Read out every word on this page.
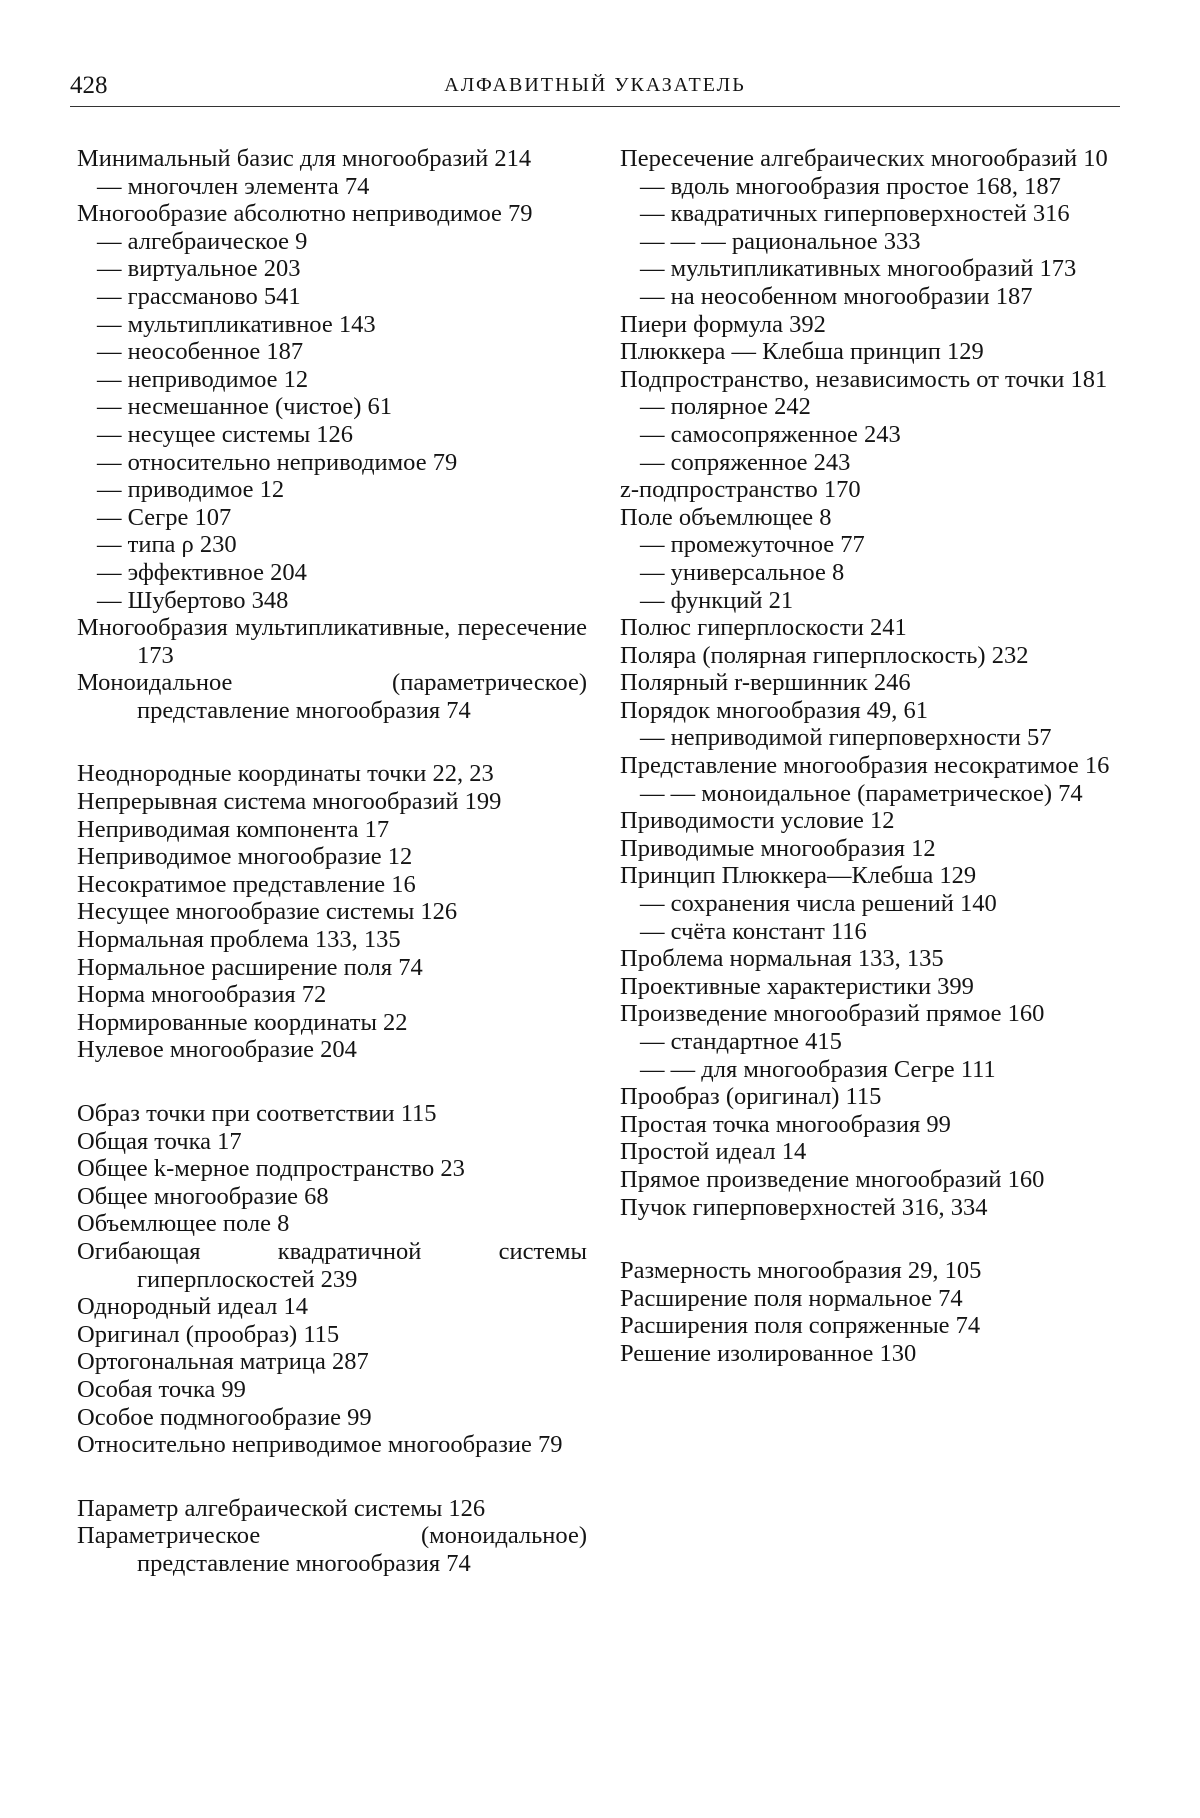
428	АЛФАВИТНЫЙ УКАЗАТЕЛЬ
Минимальный базис для многообразий 214
— многочлен элемента 74
Многообразие абсолютно неприводимое 79
— алгебраическое 9
— виртуальное 203
— грассманово 541
— мультипликативное 143
— неособенное 187
— неприводимое 12
— несмешанное (чистое) 61
— несущее системы 126
— относительно неприводимое 79
— приводимое 12
— Сегре 107
— типа ρ 230
— эффективное 204
— Шубертово 348
Многообразия мультипликативные, пересечение 173
Моноидальное (параметрическое) представление многообразия 74
Неоднородные координаты точки 22, 23
Непрерывная система многообразий 199
Неприводимая компонента 17
Неприводимое многообразие 12
Несократимое представление 16
Несущее многообразие системы 126
Нормальная проблема 133, 135
Нормальное расширение поля 74
Норма многообразия 72
Нормированные координаты 22
Нулевое многообразие 204
Образ точки при соответствии 115
Общая точка 17
Общее k-мерное подпространство 23
Общее многообразие 68
Объемлющее поле 8
Огибающая квадратичной системы гиперплоскостей 239
Однородный идеал 14
Оригинал (прообраз) 115
Ортогональная матрица 287
Особая точка 99
Особое подмногообразие 99
Относительно неприводимое многообразие 79
Параметр алгебраической системы 126
Параметрическое (моноидальное) представление многообразия 74
Пересечение алгебраических многообразий 10
— вдоль многообразия простое 168, 187
— квадратичных гиперповерхностей 316
— — — рациональное 333
— мультипликативных многообразий 173
— на неособенном многообразии 187
Пиери формула 392
Плюккера — Клебша принцип 129
Подпространство, независимость от точки 181
— полярное 242
— самосопряженное 243
— сопряженное 243
z-подпространство 170
Поле объемлющее 8
— промежуточное 77
— универсальное 8
— функций 21
Полюс гиперплоскости 241
Поляра (полярная гиперплоскость) 232
Полярный r-вершинник 246
Порядок многообразия 49, 61
— неприводимой гиперповерхности 57
Представление многообразия несократимое 16
— — моноидальное (параметрическое) 74
Приводимости условие 12
Приводимые многообразия 12
Принцип Плюккера—Клебша 129
— сохранения числа решений 140
— счёта констант 116
Проблема нормальная 133, 135
Проективные характеристики 399
Произведение многообразий прямое 160
— стандартное 415
— — для многообразия Сегре 111
Прообраз (оригинал) 115
Простая точка многообразия 99
Простой идеал 14
Прямое произведение многообразий 160
Пучок гиперповерхностей 316, 334
Размерность многообразия 29, 105
Расширение поля нормальное 74
Расширения поля сопряженные 74
Решение изолированное 130
